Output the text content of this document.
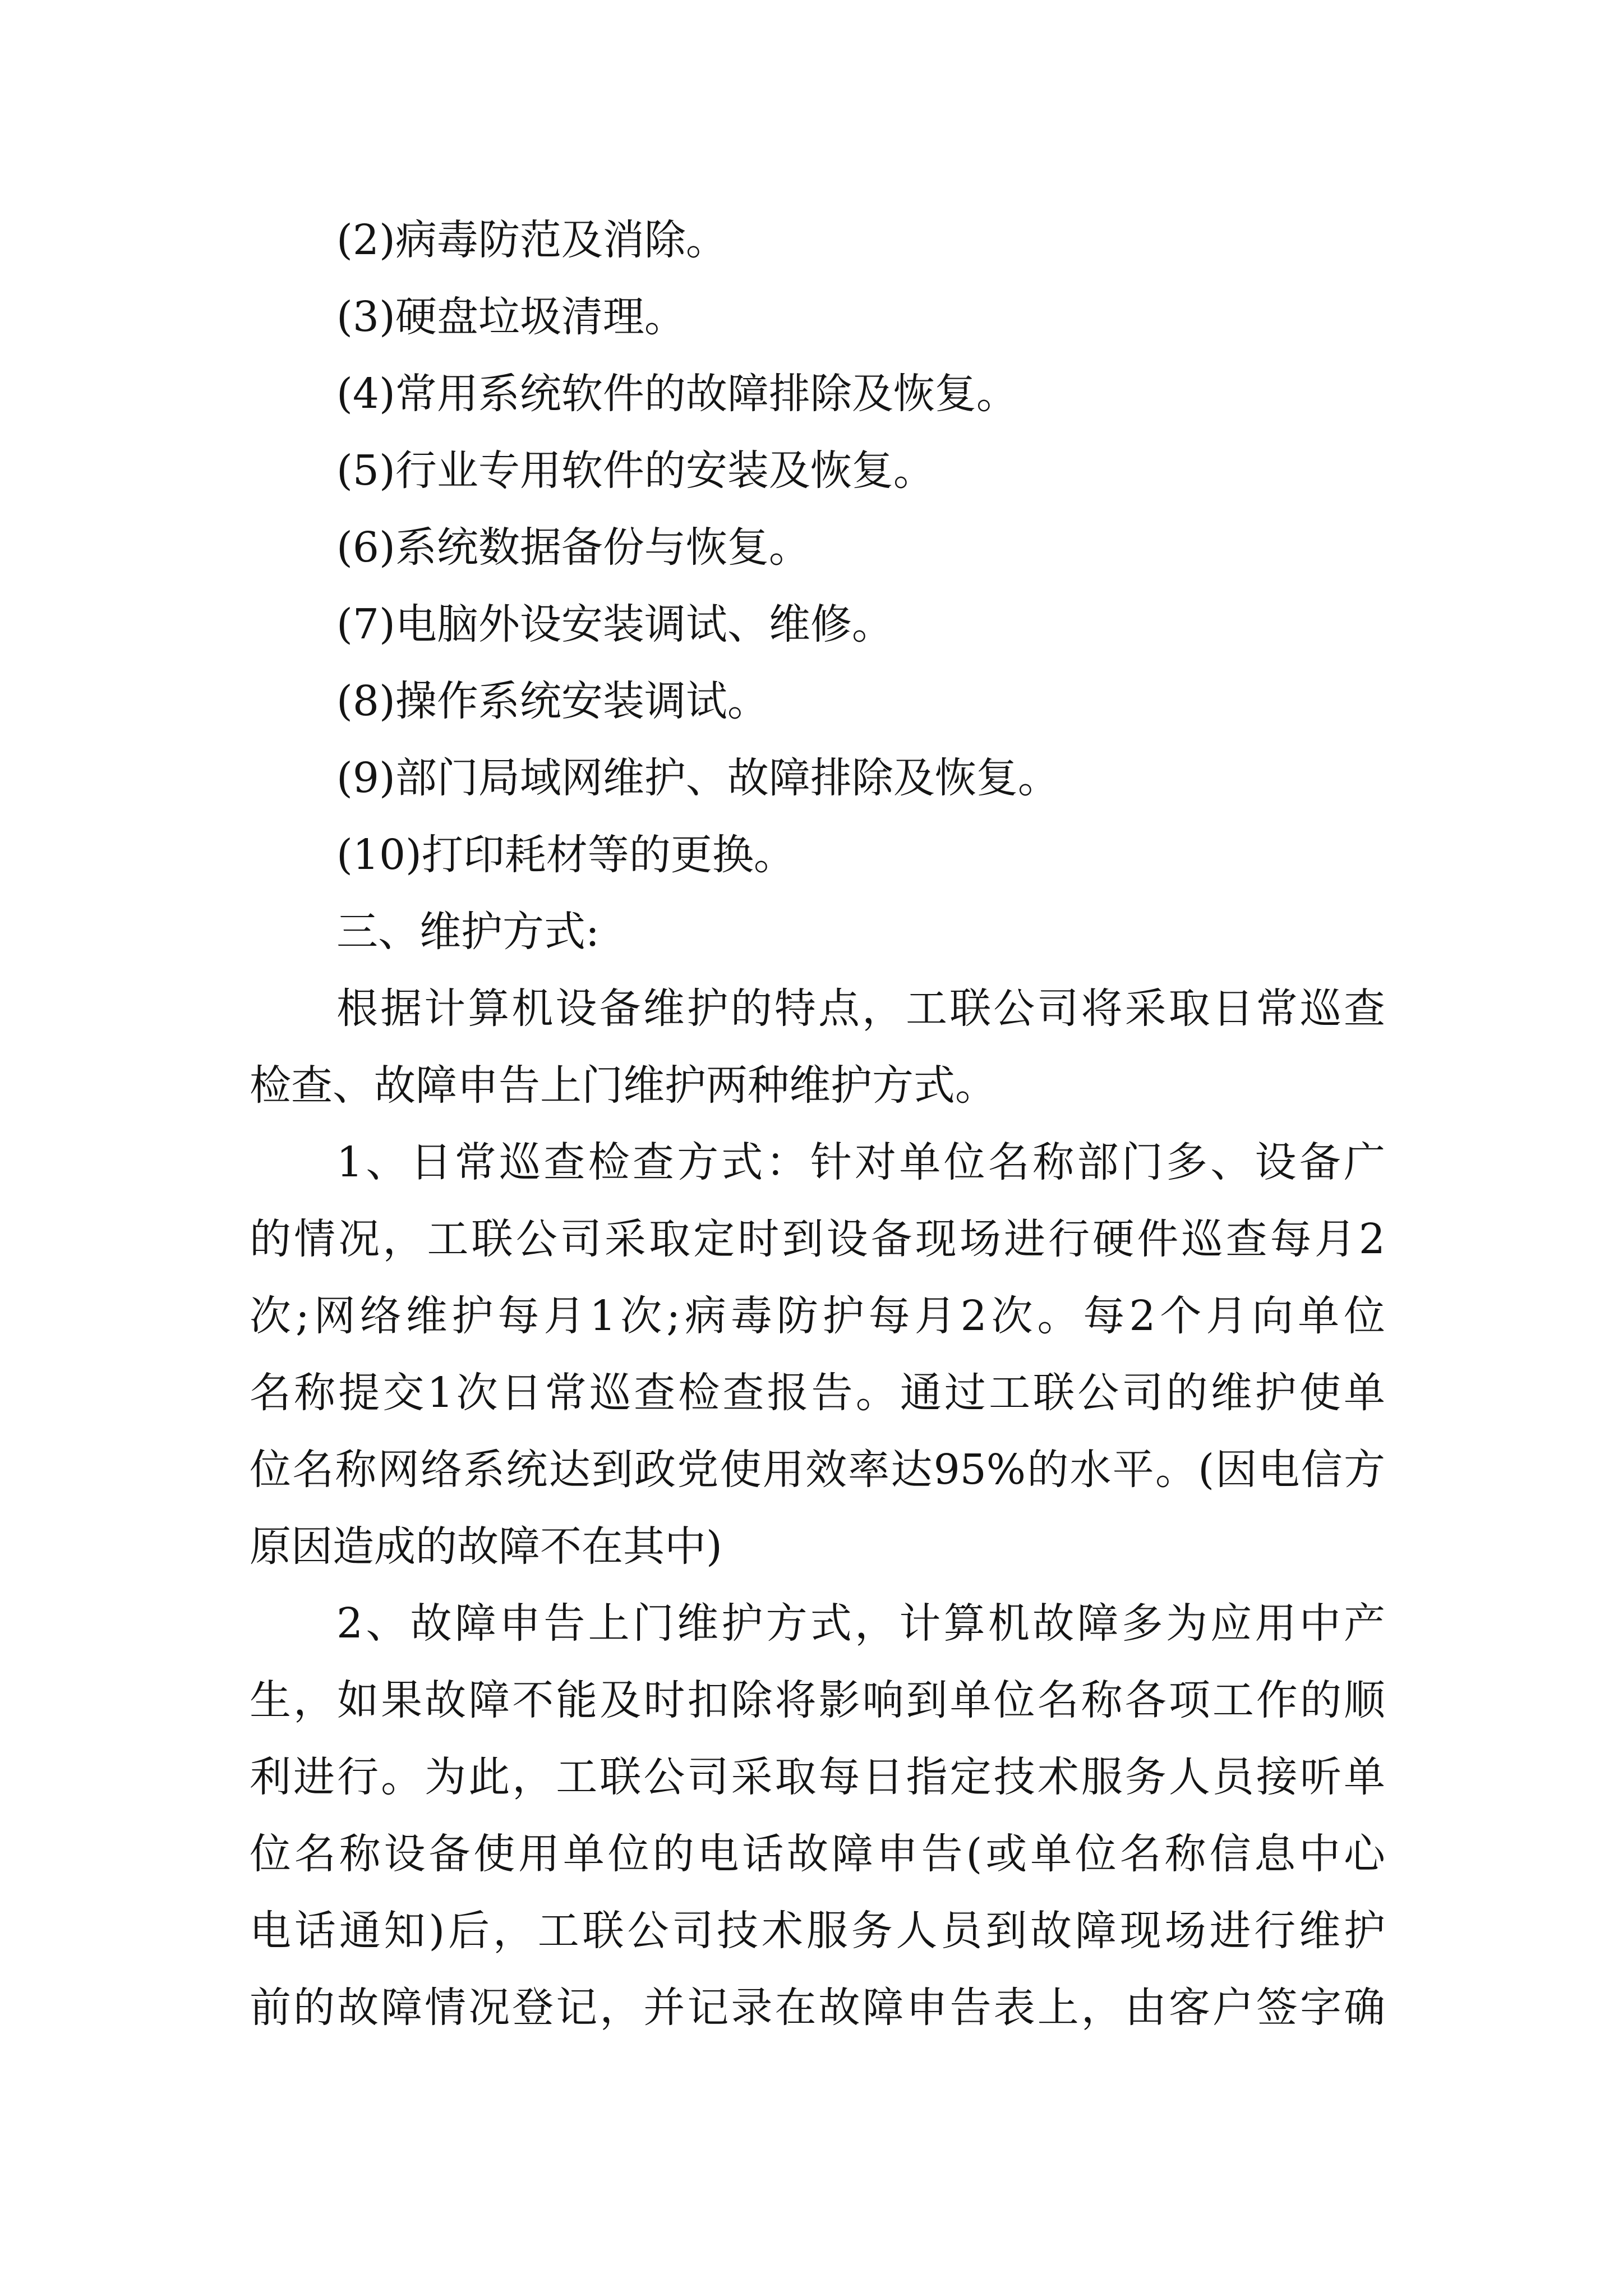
(2)病毒防范及消除。
(3)硬盘垃圾清理。
(4)常用系统软件的故障排除及恢复。
(5)行业专用软件的安装及恢复。
(6)系统数据备份与恢复。
(7)电脑外设安装调试、维修。
(8)操作系统安装调试。
(9)部门局域网维护、故障排除及恢复。
(10)打印耗材等的更换。
三、维护方式:
根据计算机设备维护的特点，工联公司将采取日常巡查
检查、故障申告上门维护两种维护方式。
1、日常巡查检查方式：针对单位名称部门多、设备广
的情况，工联公司采取定时到设备现场进行硬件巡查每月2
次;网络维护每月1次;病毒防护每月2次。每2个月向单位
名称提交1次日常巡查检查报告。通过工联公司的维护使单
位名称网络系统达到政党使用效率达95%的水平。(因电信方
原因造成的故障不在其中)
2、故障申告上门维护方式，计算机故障多为应用中产
生，如果故障不能及时扣除将影响到单位名称各项工作的顺
利进行。为此，工联公司采取每日指定技术服务人员接听单
位名称设备使用单位的电话故障申告(或单位名称信息中心
电话通知)后，工联公司技术服务人员到故障现场进行维护
前的故障情况登记，并记录在故障申告表上，由客户签字确
